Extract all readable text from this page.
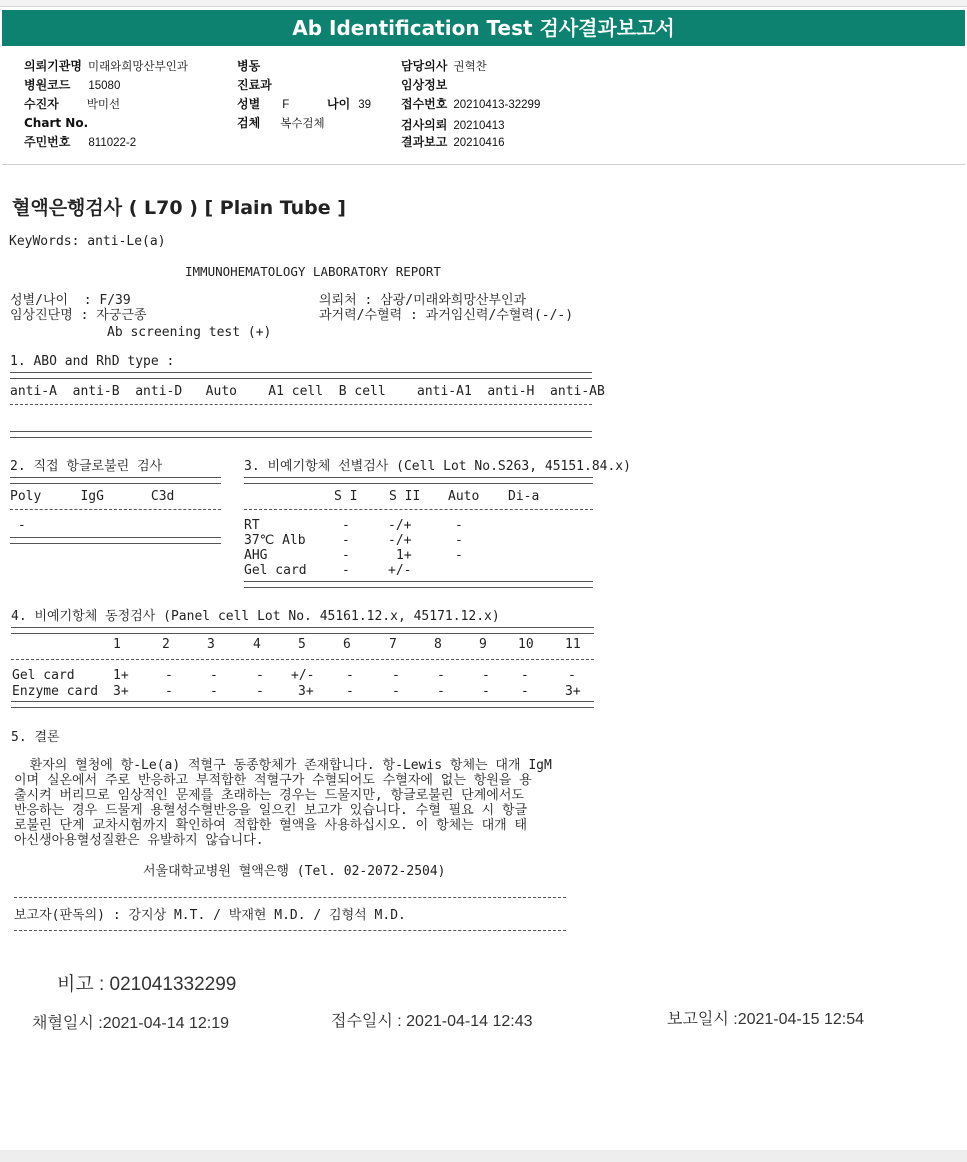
Ab Identification Test 검사결과보고서
의뢰기관명 미래와희망산부인과
병원코드 15080
수진자 박미선
Chart No.
주민번호 811022-2
병동
진료과
성별 F	나이 39
검체 복수검체
담당의사 권혁찬
임상정보
접수번호 20210413-32299
검사의뢰 20210413
결과보고 20210416
혈액은행검사 ( L70 ) [ Plain Tube ]
KeyWords: anti-Le(a)
IMMUNOHEMATOLOGY LABORATORY REPORT
성별/나이  : F/39	의뢰처 : 삼광/미래와희망산부인과
임상진단명 : 자궁근종	과거력/수혈력 : 과거임신력/수혈력(-/-)
Ab screening test (+)
1. ABO and RhD type :
anti-A  anti-B  anti-D   Auto    A1 cell  B cell    anti-A1  anti-H  anti-AB
2. 직접 항글로불린 검사
Poly     IgG      C3d
-
3. 비예기항체 선별검사 (Cell Lot No.S263, 45151.84.x)
S I S II Auto Di-a
RT	-	-/+	-
37℃ Alb	-	-/+	-
AHG	-	1+	-
Gel card	-	+/-
4. 비예기항체 동정검사 (Panel cell Lot No. 45161.12.x, 45171.12.x)
1	2	3	4	5	6	7	8	9 10 11
Gel card	1+	-	-	- +/- -	-	-	- -	-
Enzyme card 3+	-	-	-	3+ -	-	-	- -	3+
5. 결론
환자의 혈청에 항-Le(a) 적혈구 동종항체가 존재합니다. 항-Lewis 항체는 대개 IgM
이며 실온에서 주로 반응하고 부적합한 적혈구가 수혈되어도 수혈자에 없는 항원을 용
출시켜 버리므로 임상적인 문제를 초래하는 경우는 드물지만, 항글로불린 단계에서도
반응하는 경우 드물게 용혈성수혈반응을 일으킨 보고가 있습니다. 수혈 필요 시 항글
로불린 단계 교차시험까지 확인하여 적합한 혈액을 사용하십시오. 이 항체는 대개 태
아신생아용혈성질환은 유발하지 않습니다.
서울대학교병원 혈액은행 (Tel. 02-2072-2504)
보고자(판독의) : 강지상 M.T. / 박재현 M.D. / 김형석 M.D.
비고 : 021041332299
채혈일시 :2021-04-14 12:19	접수일시 : 2021-04-14 12:43	보고일시 :2021-04-15 12:54
